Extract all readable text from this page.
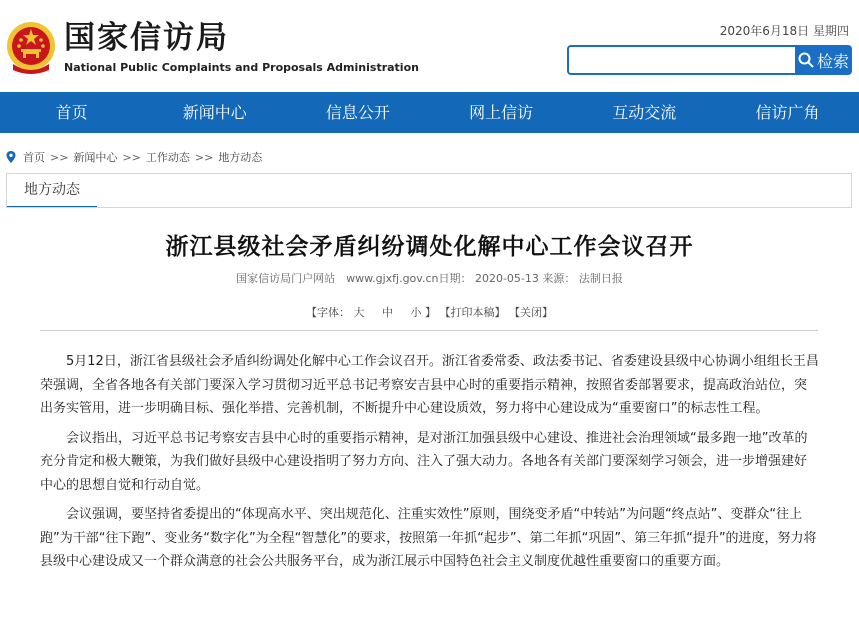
国家信访局
National Public Complaints and Proposals Administration
2020年6月18日 星期四
检索
首页	新闻中心	信息公开	网上信访	互动交流	信访广角
首页 >> 新闻中心 >> 工作动态 >> 地方动态
地方动态
浙江县级社会矛盾纠纷调处化解中心工作会议召开
国家信访局门户网站　www.gjxfj.gov.cn日期： 2020-05-13 来源： 法制日报
【字体： 大 中 小 】 【打印本稿】 【关闭】

5月12日，浙江省县级社会矛盾纠纷调处化解中心工作会议召开。浙江省委常委、政法委书记、省委建设县级中心协调小组组长王昌荣强调，全省各地各有关部门要深入学习贯彻习近平总书记考察安吉县中心时的重要指示精神，按照省委部署要求，提高政治站位，突出务实管用，进一步明确目标、强化举措、完善机制，不断提升中心建设质效，努力将中心建设成为“重要窗口”的标志性工程。

会议指出，习近平总书记考察安吉县中心时的重要指示精神，是对浙江加强县级中心建设、推进社会治理领域“最多跑一地”改革的充分肯定和极大鞭策，为我们做好县级中心建设指明了努力方向、注入了强大动力。各地各有关部门要深刻学习领会，进一步增强建好中心的思想自觉和行动自觉。

会议强调，要坚持省委提出的“体现高水平、突出规范化、注重实效性”原则，围绕变矛盾“中转站”为问题“终点站”、变群众“往上跑”为干部“往下跑”、变业务“数字化”为全程“智慧化”的要求，按照第一年抓“起步”、第二年抓“巩固”、第三年抓“提升”的进度，努力将县级中心建设成又一个群众满意的社会公共服务平台，成为浙江展示中国特色社会主义制度优越性重要窗口的重要方面。
